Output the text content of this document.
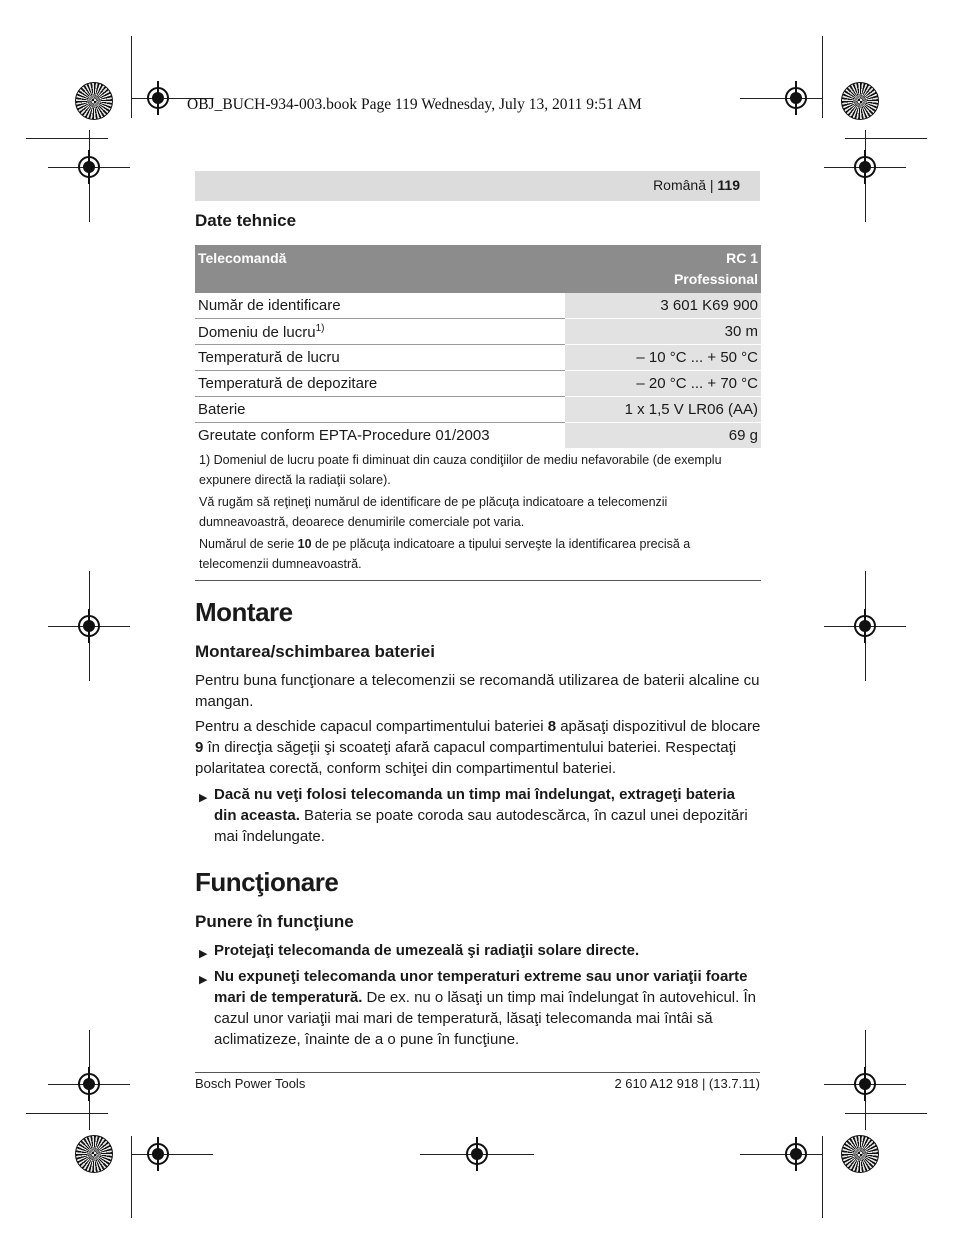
OBJ_BUCH-934-003.book Page 119 Wednesday, July 13, 2011 9:51 AM
Română | 119
Date tehnice
Telecomandă	RC 1
Professional
Număr de identificare	3 601 K69 900
Domeniu de lucru$^{1)}$	30 m
Temperatură de lucru	– 10 °C ... + 50 °C
Temperatură de depozitare	– 20 °C ... + 70 °C
Baterie	1 x 1,5 V LR06 (AA)
Greutate conform EPTA-Procedure 01/2003	69 g

1) Domeniul de lucru poate fi diminuat din cauza condiţiilor de mediu nefavorabile (de exemplu expunere directă la radiaţii solare).

Vă rugăm să reţineţi numărul de identificare de pe plăcuţa indicatoare a telecomenzii dumneavoastră, deoarece denumirile comerciale pot varia.

Numărul de serie 10 de pe plăcuţa indicatoare a tipului serveşte la identificarea precisă a telecomenzii dumneavoastră.

Montare
Montarea/schimbarea bateriei

Pentru buna funcţionare a telecomenzii se recomandă utilizarea de baterii alcaline cu mangan.

Pentru a deschide capacul compartimentului bateriei 8 apăsaţi dispozitivul de blocare 9 în direcţia săgeţii şi scoateţi afară capacul compartimentului bateriei. Respectaţi polaritatea corectă, conform schiţei din compartimentul bateriei.

▶ Dacă nu veţi folosi telecomanda un timp mai îndelungat, extrageţi bateria din aceasta. Bateria se poate coroda sau autodescărca, în cazul unei depozitări mai îndelungate.
Funcţionare
Punere în funcţiune
▶ Protejaţi telecomanda de umezeală şi radiaţii solare directe.
▶ Nu expuneţi telecomanda unor temperaturi extreme sau unor variaţii foarte mari de temperatură. De ex. nu o lăsaţi un timp mai îndelungat în autovehicul. În cazul unor variaţii mai mari de temperatură, lăsaţi telecomanda mai întâi să aclimatizeze, înainte de a o pune în funcţiune.
Bosch Power Tools	2 610 A12 918 | (13.7.11)
